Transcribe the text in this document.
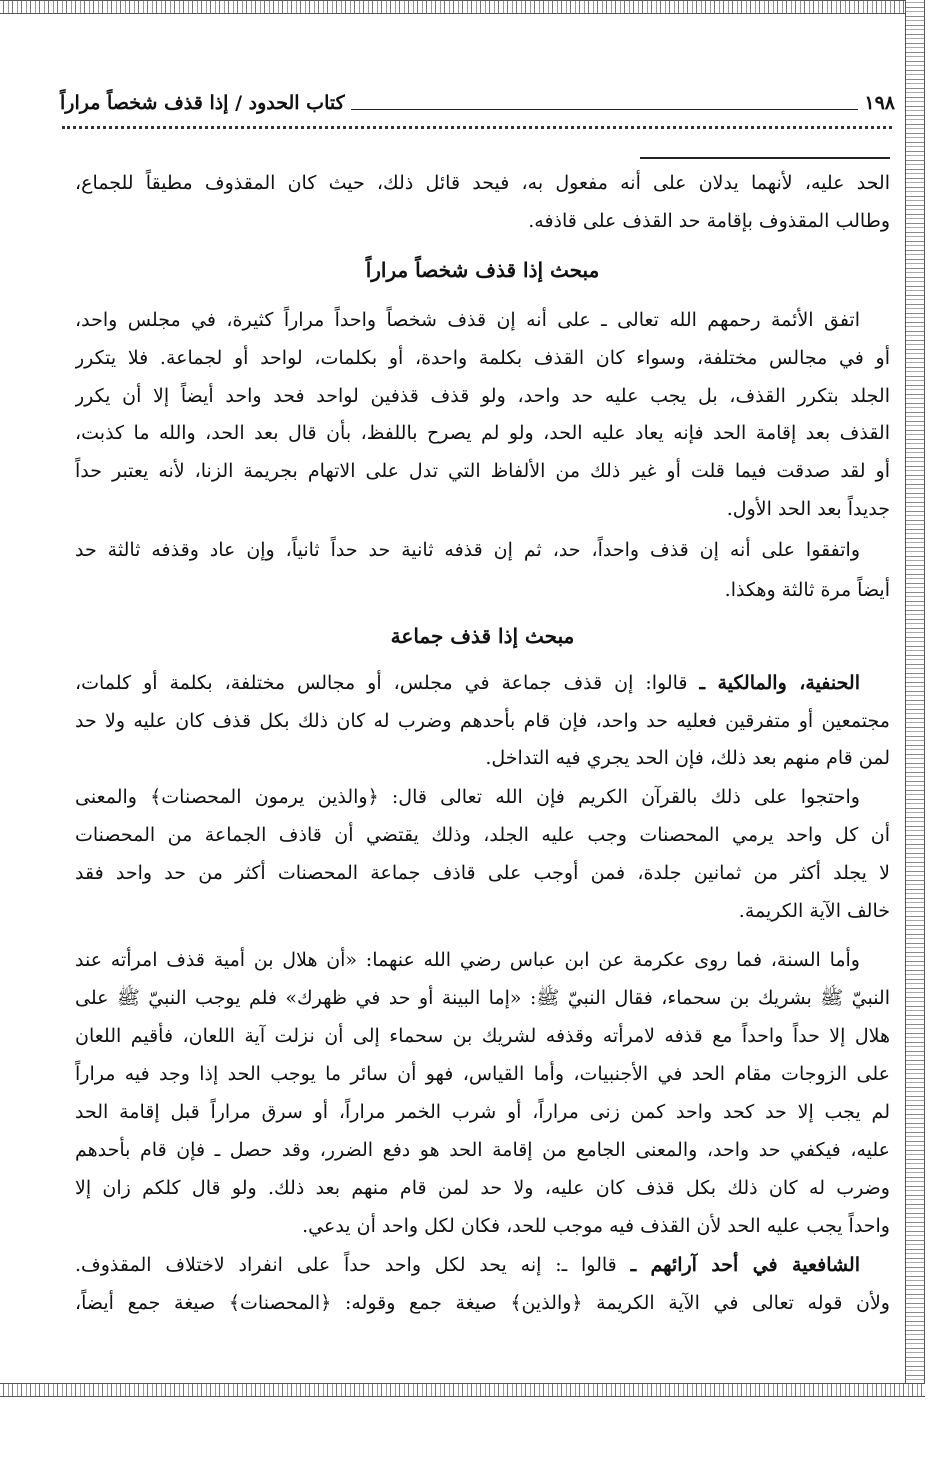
١٩٨
كتاب الحدود / إذا قذف شخصاً مراراً
الحد عليه، لأنهما يدلان على أنه مفعول به، فيحد قائل ذلك، حيث كان المقذوف مطيقاً للجماع،
وطالب المقذوف بإقامة حد القذف على قاذفه.
اتفق الأئمة رحمهم الله تعالى ـ على أنه إن قذف شخصاً واحداً مراراً كثيرة، في مجلس واحد،
أو في مجالس مختلفة، وسواء كان القذف بكلمة واحدة، أو بكلمات، لواحد أو لجماعة. فلا يتكرر
الجلد بتكرر القذف، بل يجب عليه حد واحد، ولو قذف قذفين لواحد فحد واحد أيضاً إلا أن يكرر
القذف بعد إقامة الحد فإنه يعاد عليه الحد، ولو لم يصرح باللفظ، بأن قال بعد الحد، والله ما كذبت،
أو لقد صدقت فيما قلت أو غير ذلك من الألفاظ التي تدل على الاتهام بجريمة الزنا، لأنه يعتبر حداً
جديداً بعد الحد الأول.
واتفقوا على أنه إن قذف واحداً، حد، ثم إن قذفه ثانية حد حداً ثانياً، وإن عاد وقذفه ثالثة حد
أيضاً مرة ثالثة وهكذا.
الحنفية، والمالكية ـ قالوا: إن قذف جماعة في مجلس، أو مجالس مختلفة، بكلمة أو كلمات،
مجتمعين أو متفرقين فعليه حد واحد، فإن قام بأحدهم وضرب له كان ذلك بكل قذف كان عليه ولا حد
لمن قام منهم بعد ذلك، فإن الحد يجري فيه التداخل.
واحتجوا على ذلك بالقرآن الكريم فإن الله تعالى قال: ﴿والذين يرمون المحصنات﴾ والمعنى
أن كل واحد يرمي المحصنات وجب عليه الجلد، وذلك يقتضي أن قاذف الجماعة من المحصنات
لا يجلد أكثر من ثمانين جلدة، فمن أوجب على قاذف جماعة المحصنات أكثر من حد واحد فقد
خالف الآية الكريمة.
وأما السنة، فما روى عكرمة عن ابن عباس رضي الله عنهما: «أن هلال بن أمية قذف امرأته عند
النبيّ ﷺ بشريك بن سحماء، فقال النبيّ ﷺ: «إما البينة أو حد في ظهرك» فلم يوجب النبيّ ﷺ على
هلال إلا حداً واحداً مع قذفه لامرأته وقذفه لشريك بن سحماء إلى أن نزلت آية اللعان، فأقيم اللعان
على الزوجات مقام الحد في الأجنبيات، وأما القياس، فهو أن سائر ما يوجب الحد إذا وجد فيه مراراً
لم يجب إلا حد كحد واحد كمن زنى مراراً، أو شرب الخمر مراراً، أو سرق مراراً قبل إقامة الحد
عليه، فيكفي حد واحد، والمعنى الجامع من إقامة الحد هو دفع الضرر، وقد حصل ـ فإن قام بأحدهم
وضرب له كان ذلك بكل قذف كان عليه، ولا حد لمن قام منهم بعد ذلك. ولو قال كلكم زان إلا
واحداً يجب عليه الحد لأن القذف فيه موجب للحد، فكان لكل واحد أن يدعي.
الشافعية في أحد آرائهم ـ قالوا ـ: إنه يحد لكل واحد حداً على انفراد لاختلاف المقذوف.
ولأن قوله تعالى في الآية الكريمة ﴿والذين﴾ صيغة جمع وقوله: ﴿المحصنات﴾ صيغة جمع أيضاً،
مبحث إذا قذف شخصاً مراراً
مبحث إذا قذف جماعة
